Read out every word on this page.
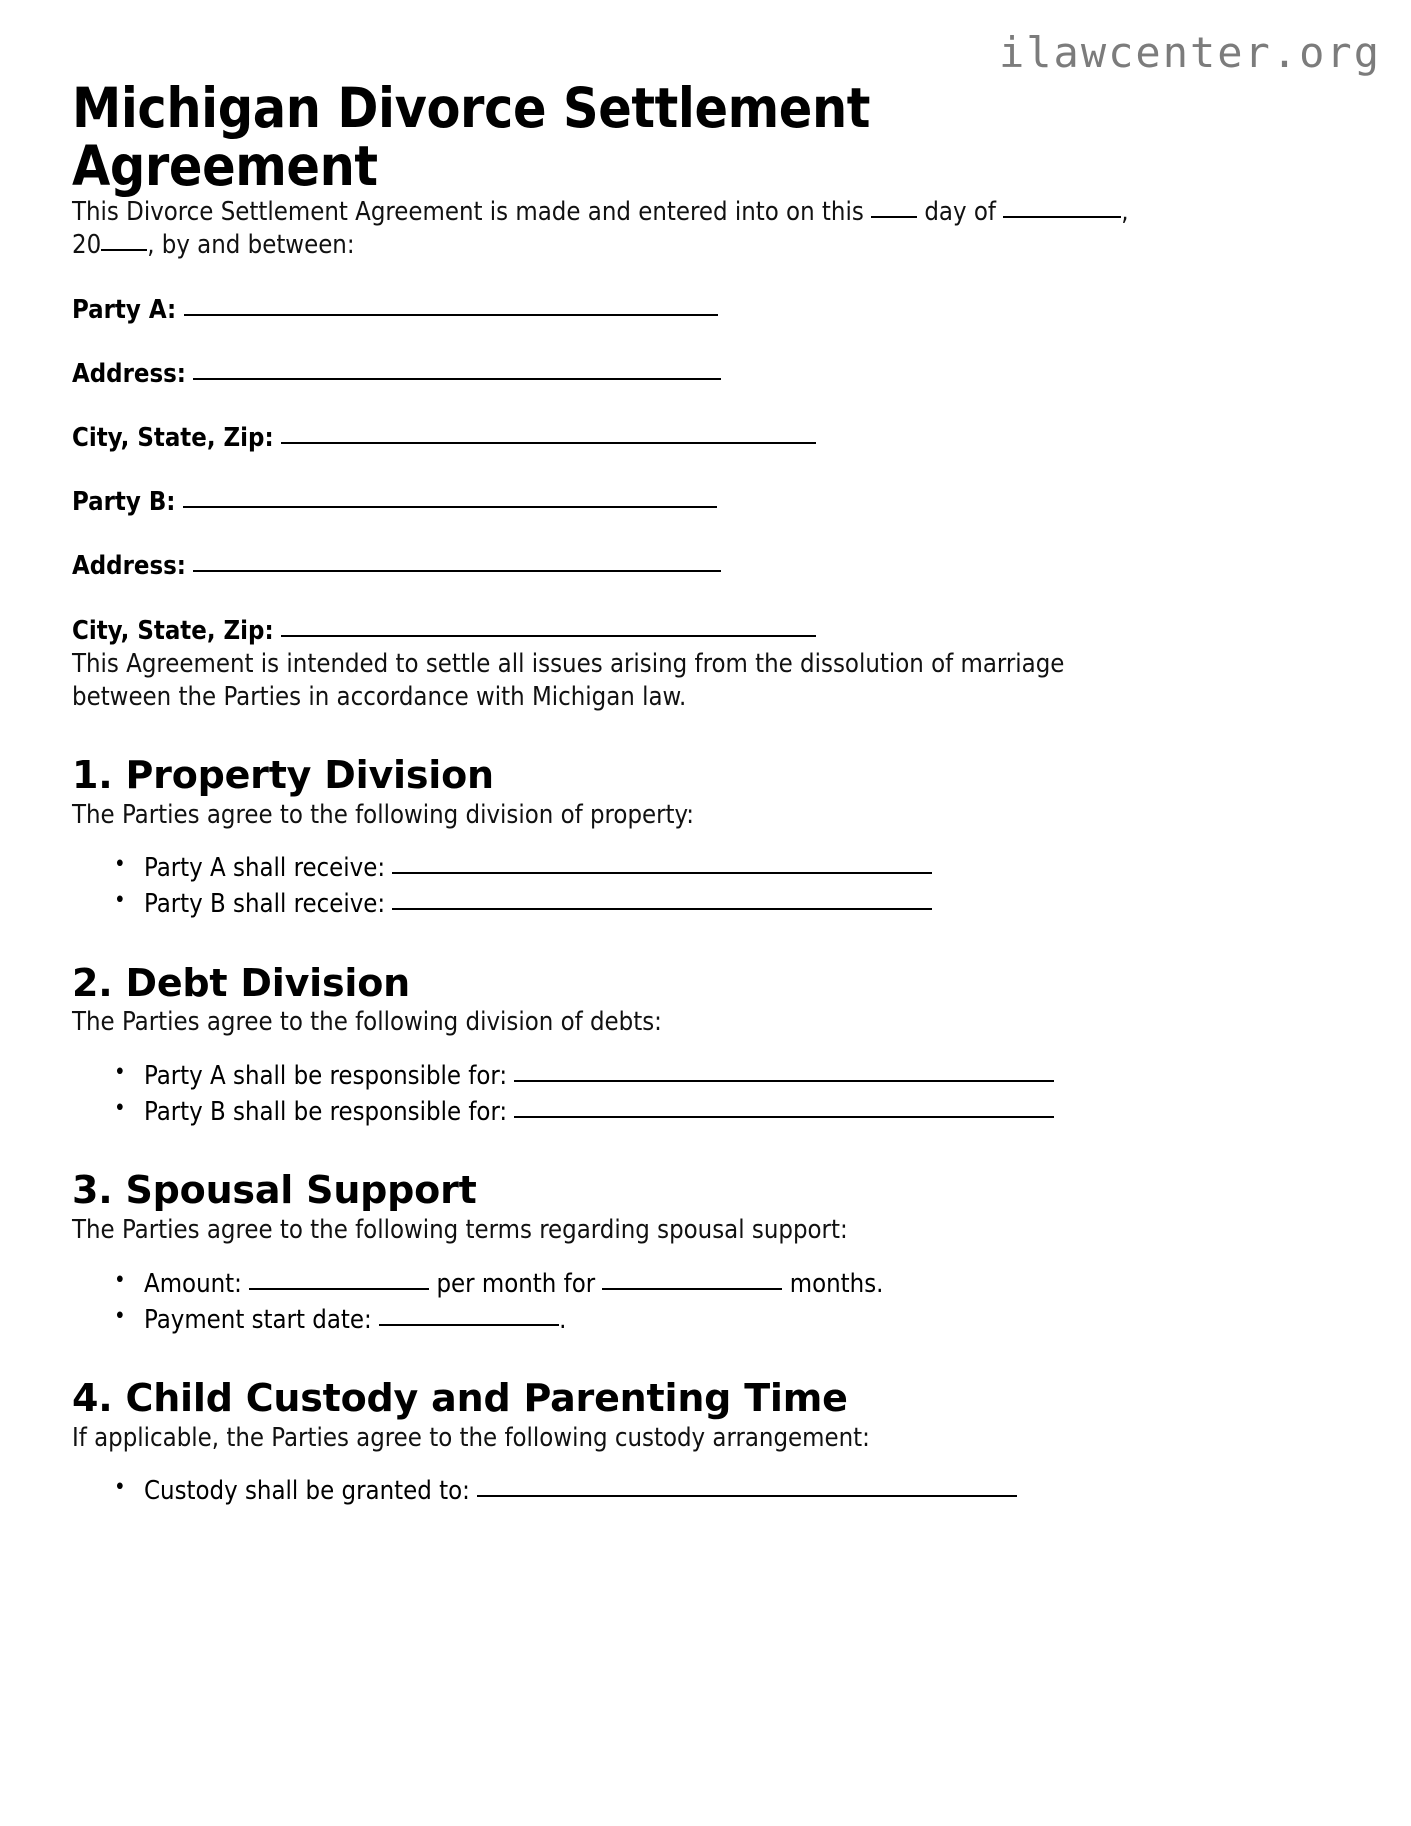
ilawcenter.org
Michigan Divorce Settlement Agreement

This Divorce Settlement Agreement is made and entered into on this  day of	, 20 , by and between:

Party A:
Address:
City, State, Zip:
Party B:
Address:
City, State, Zip:

This Agreement is intended to settle all issues arising from the dissolution of marriage between the Parties in accordance with Michigan law.

1. Property Division

The Parties agree to the following division of property:

• Party A shall receive:
• Party B shall receive:
2. Debt Division

The Parties agree to the following division of debts:

• Party A shall be responsible for:
• Party B shall be responsible for:
3. Spousal Support

The Parties agree to the following terms regarding spousal support:

• Amount:	per month for	months.
• Payment start date:	.
4. Child Custody and Parenting Time

If applicable, the Parties agree to the following custody arrangement:

• Custody shall be granted to:
